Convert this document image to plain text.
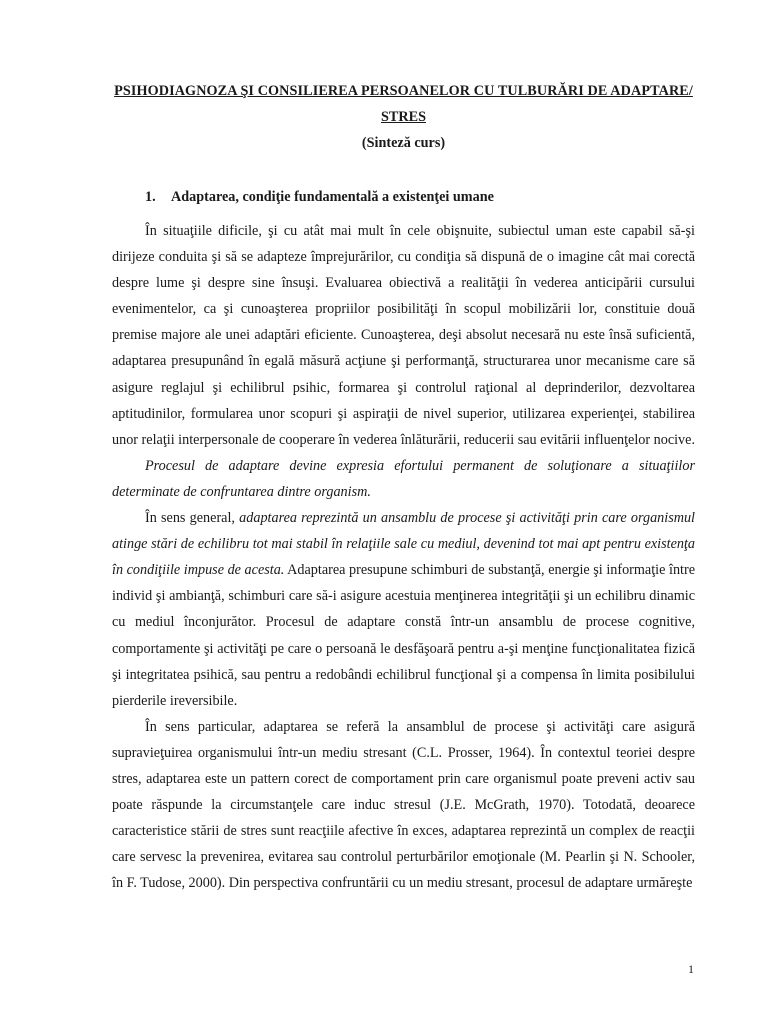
PSIHODIAGNOZA ŞI CONSILIEREA PERSOANELOR CU TULBURĂRI DE ADAPTARE/

STRES

(Sinteză curs)

1. Adaptarea, condiţie fundamentală a existenţei umane

În situaţiile dificile, şi cu atât mai mult în cele obişnuite, subiectul uman este capabil să-şi dirijeze conduita şi să se adapteze împrejurărilor, cu condiţia să dispună de o imagine cât mai corectă despre lume şi despre sine însuşi. Evaluarea obiectivă a realităţii în vederea anticipării cursului evenimentelor, ca şi cunoaşterea propriilor posibilităţi în scopul mobilizării lor, constituie două premise majore ale unei adaptări eficiente. Cunoaşterea, deşi absolut necesară nu este însă suficientă, adaptarea presupunând în egală măsură acţiune şi performanţă, structurarea unor mecanisme care să asigure reglajul şi echilibrul psihic, formarea şi controlul raţional al deprinderilor, dezvoltarea aptitudinilor, formularea unor scopuri şi aspiraţii de nivel superior, utilizarea experienţei, stabilirea unor relaţii interpersonale de cooperare în vederea înlăturării, reducerii sau evitării influenţelor nocive.

Procesul de adaptare devine expresia efortului permanent de soluţionare a situaţiilor determinate de confruntarea dintre organism.

În sens general, adaptarea reprezintă un ansamblu de procese şi activităţi prin care organismul atinge stări de echilibru tot mai stabil în relaţiile sale cu mediul, devenind tot mai apt pentru existenţa în condiţiile impuse de acesta. Adaptarea presupune schimburi de substanţă, energie şi informaţie între individ şi ambianţă, schimburi care să-i asigure acestuia menţinerea integrităţii şi un echilibru dinamic cu mediul înconjurător. Procesul de adaptare constă într-un ansamblu de procese cognitive, comportamente şi activităţi pe care o persoană le desfăşoară pentru a-şi menţine funcţionalitatea fizică şi integritatea psihică, sau pentru a redobândi echilibrul funcţional şi a compensa în limita posibilului pierderile ireversibile.

În sens particular, adaptarea se referă la ansamblul de procese şi activităţi care asigură supravieţuirea organismului într-un mediu stresant (C.L. Prosser, 1964). În contextul teoriei despre stres, adaptarea este un pattern corect de comportament prin care organismul poate preveni activ sau poate răspunde la circumstanţele care induc stresul (J.E. McGrath, 1970). Totodată, deoarece caracteristice stării de stres sunt reacţiile afective în exces, adaptarea reprezintă un complex de reacţii care servesc la prevenirea, evitarea sau controlul perturbărilor emoţionale (M. Pearlin şi N. Schooler, în F. Tudose, 2000). Din perspectiva confruntării cu un mediu stresant, procesul de adaptare urmăreşte

1
